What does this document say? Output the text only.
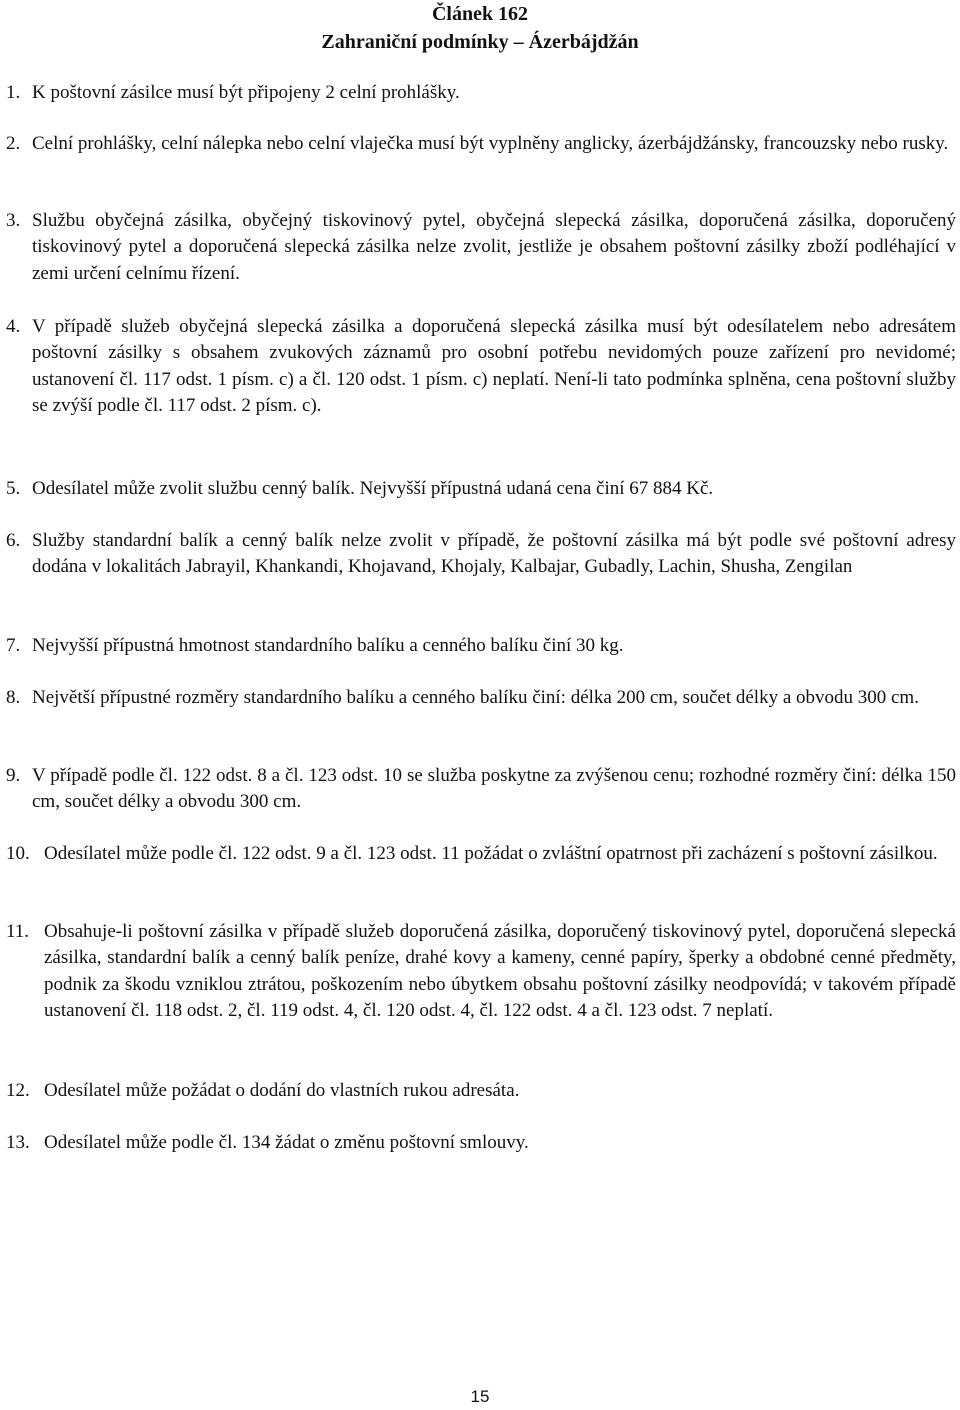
Článek 162
Zahraniční podmínky – Ázerbájdžán
1. K poštovní zásilce musí být připojeny 2 celní prohlášky.
2. Celní prohlášky, celní nálepka nebo celní vlaječka musí být vyplněny anglicky, ázerbájdžánsky, francouzsky nebo rusky.
3. Službu obyčejná zásilka, obyčejný tiskovinový pytel, obyčejná slepecká zásilka, doporučená zásilka, doporučený tiskovinový pytel a doporučená slepecká zásilka nelze zvolit, jestliže je obsahem poštovní zásilky zboží podléhající v zemi určení celnímu řízení.
4. V případě služeb obyčejná slepecká zásilka a doporučená slepecká zásilka musí být odesílatelem nebo adresátem poštovní zásilky s obsahem zvukových záznamů pro osobní potřebu nevidomých pouze zařízení pro nevidomé; ustanovení čl. 117 odst. 1 písm. c) a čl. 120 odst. 1 písm. c) neplatí. Není-li tato podmínka splněna, cena poštovní služby se zvýší podle čl. 117 odst. 2 písm. c).
5. Odesílatel může zvolit službu cenný balík. Nejvyšší přípustná udaná cena činí 67 884 Kč.
6. Služby standardní balík a cenný balík nelze zvolit v případě, že poštovní zásilka má být podle své poštovní adresy dodána v lokalitách Jabrayil, Khankandi, Khojavand, Khojaly, Kalbajar, Gubadly, Lachin, Shusha, Zengilan
7. Nejvyšší přípustná hmotnost standardního balíku a cenného balíku činí 30 kg.
8. Největší přípustné rozměry standardního balíku a cenného balíku činí: délka 200 cm, součet délky a obvodu 300 cm.
9. V případě podle čl. 122 odst. 8 a čl. 123 odst. 10 se služba poskytne za zvýšenou cenu; rozhodné rozměry činí: délka 150 cm, součet délky a obvodu 300 cm.
10. Odesílatel může podle čl. 122 odst. 9 a čl. 123 odst. 11 požádat o zvláštní opatrnost při zacházení s poštovní zásilkou.
11. Obsahuje-li poštovní zásilka v případě služeb doporučená zásilka, doporučený tiskovinový pytel, doporučená slepecká zásilka, standardní balík a cenný balík peníze, drahé kovy a kameny, cenné papíry, šperky a obdobné cenné předměty, podnik za škodu vzniklou ztrátou, poškozením nebo úbytkem obsahu poštovní zásilky neodpovídá; v takovém případě ustanovení čl. 118 odst. 2, čl. 119 odst. 4, čl. 120 odst. 4, čl. 122 odst. 4 a čl. 123 odst. 7 neplatí.
12. Odesílatel může požádat o dodání do vlastních rukou adresáta.
13. Odesílatel může podle čl. 134 žádat o změnu poštovní smlouvy.
15
